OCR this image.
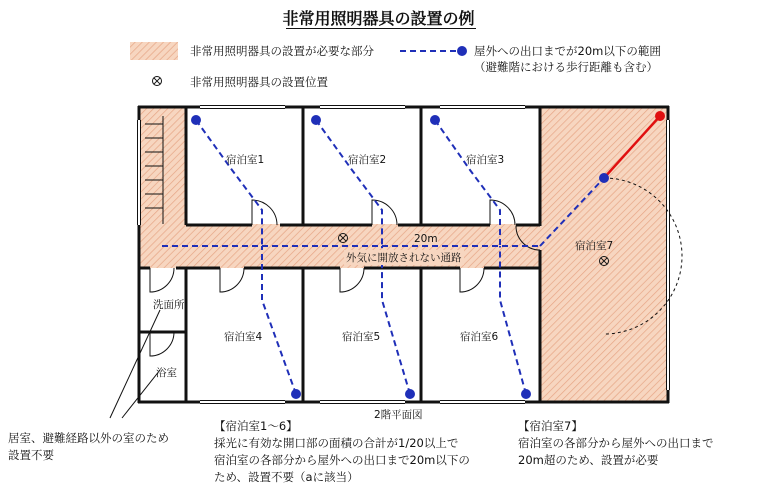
非常用照明器具の設置の例
非常用照明器具の設置が必要な部分	屋外への出口までが20m以下の範囲
（避難階における歩行距離も含む）
非常用照明器具の設置位置
宿泊室1	宿泊室2	宿泊室3
宿泊室4	宿泊室5	宿泊室6
宿泊室7
洗面所
浴室
20m
外気に開放されない通路
2階平面図
【宿泊室1～6】
採光に有効な開口部の面積の合計が1/20以上で
宿泊室の各部分から屋外への出口まで20m以下の
ため、設置不要（aに該当）
【宿泊室7】
宿泊室の各部分から屋外への出口まで
20m超のため、設置が必要
居室、避難経路以外の室のため
設置不要
